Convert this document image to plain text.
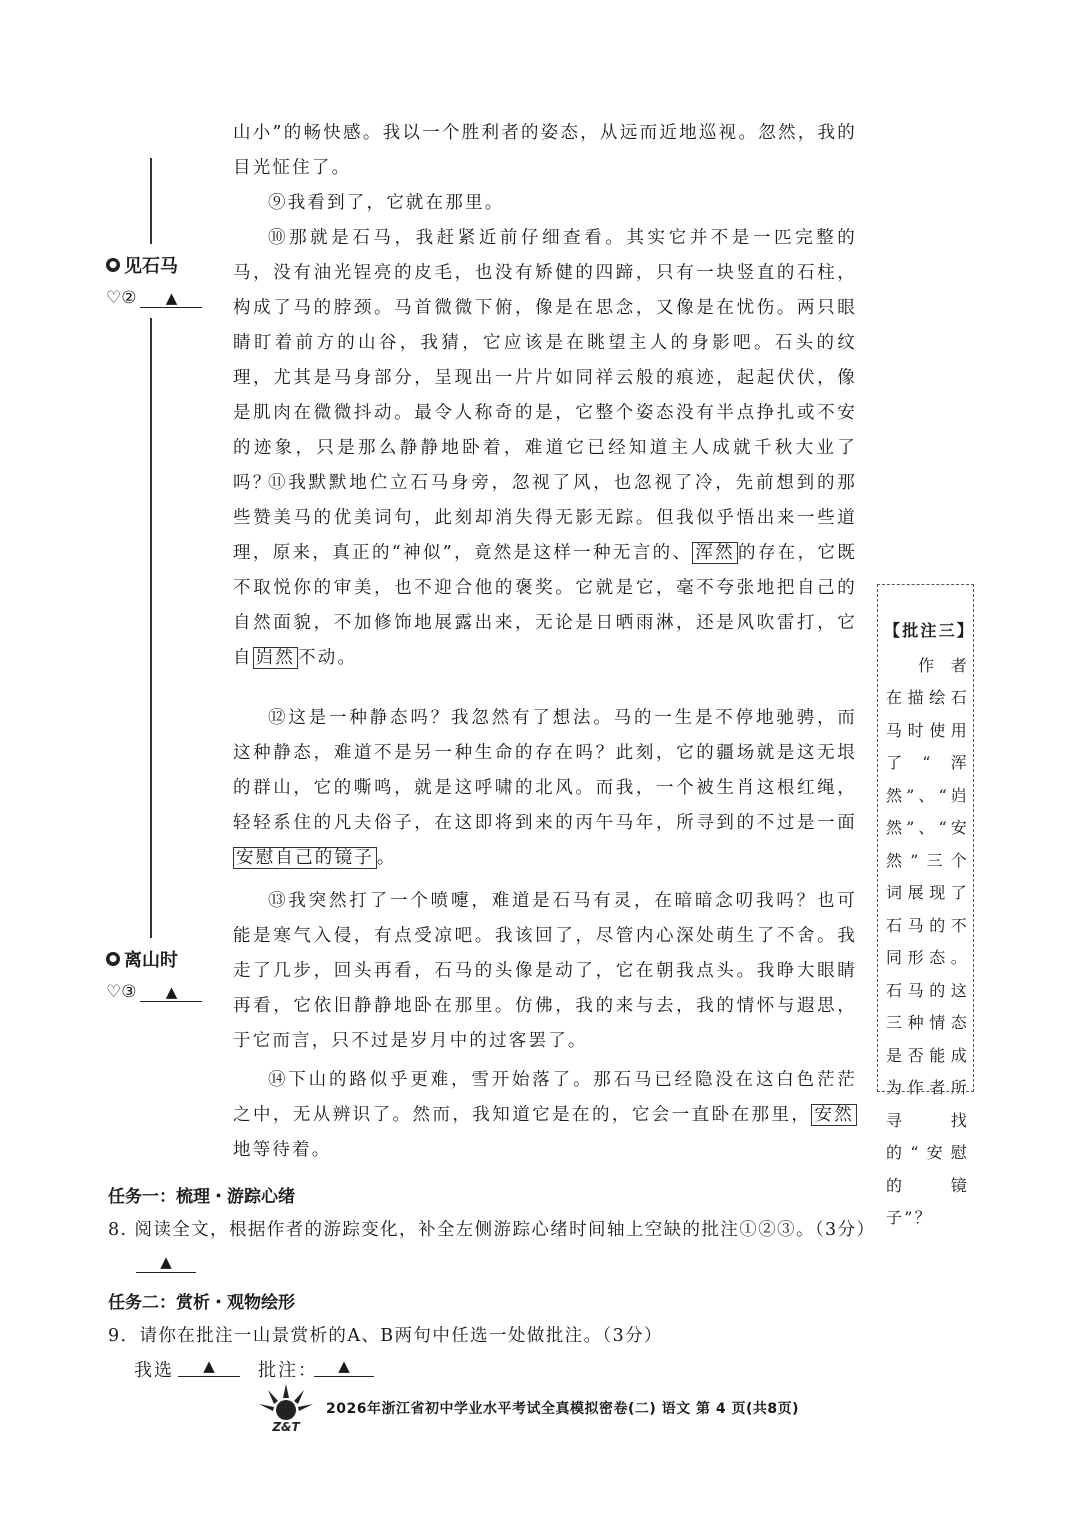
● 见石马
♡②	▲
● 离山时
♡③	▲

山小”的畅快感。我以一个胜利者的姿态，从远而近地巡视。忽然，我的目光怔住了。

⑨我看到了，它就在那里。

⑩那就是石马，我赶紧近前仔细查看。其实它并不是一匹完整的马，没有油光锃亮的皮毛，也没有矫健的四蹄，只有一块竖直的石柱，构成了马的脖颈。马首微微下俯，像是在思念，又像是在忧伤。两只眼睛盯着前方的山谷，我猜，它应该是在眺望主人的身影吧。石头的纹理，尤其是马身部分，呈现出一片片如同祥云般的痕迹，起起伏伏，像是肌肉在微微抖动。最令人称奇的是，它整个姿态没有半点挣扎或不安的迹象，只是那么静静地卧着，难道它已经知道主人成就千秋大业了吗？

⑪我默默地伫立石马身旁，忽视了风，也忽视了冷，先前想到的那些赞美马的优美词句，此刻却消失得无影无踪。但我似乎悟出来一些道理，原来，真正的“神似”，竟然是这样一种无言的、 浑然 的存在，它既不取悦你的审美，也不迎合他的褒奖。它就是它，毫不夸张地把自己的自然面貌，不加修饰地展露出来，无论是日晒雨淋，还是风吹雷打，它自 岿然 不动。

⑫这是一种静态吗？我忽然有了想法。马的一生是不停地驰骋，而这种静态，难道不是另一种生命的存在吗？此刻，它的疆场就是这无垠的群山，它的嘶鸣，就是这呼啸的北风。而我，一个被生肖这根红绳，轻轻系住的凡夫俗子，在这即将到来的丙午马年，所寻到的不过是一面安慰自己的镜子 。

⑬我突然打了一个喷嚏，难道是石马有灵，在暗暗念叨我吗？也可能是寒气入侵，有点受凉吧。我该回了，尽管内心深处萌生了不舍。我走了几步，回头再看，石马的头像是动了，它在朝我点头。我睁大眼睛再看，它依旧静静地卧在那里。仿佛，我的来与去，我的情怀与遐思，于它而言，只不过是岁月中的过客罢了。

⑭下山的路似乎更难，雪开始落了。那石马已经隐没在这白色茫茫之中，无从辨识了。然而，我知道它是在的，它会一直卧在那里， 安然地等待着。

【批注三】
作者在描绘石马时使用了“浑然”、“岿然”、“安然”三个词展现了石马的不同形态。石马的这三种情态是否能成为作者所寻找的“安慰的镜子”？
任务一：梳理・游踪心绪
8. 阅读全文，根据作者的游踪变化，补全左侧游踪心绪时间轴上空缺的批注①②③。（3分）
▲
任务二：赏析・观物绘形
9．请你在批注一山景赏析的A、B两句中任选一处做批注。（3分）
我选	▲	批注：	▲
Z&T
2026年浙江省初中学业水平考试全真模拟密卷(二) 语文 第 4 页(共8页)
